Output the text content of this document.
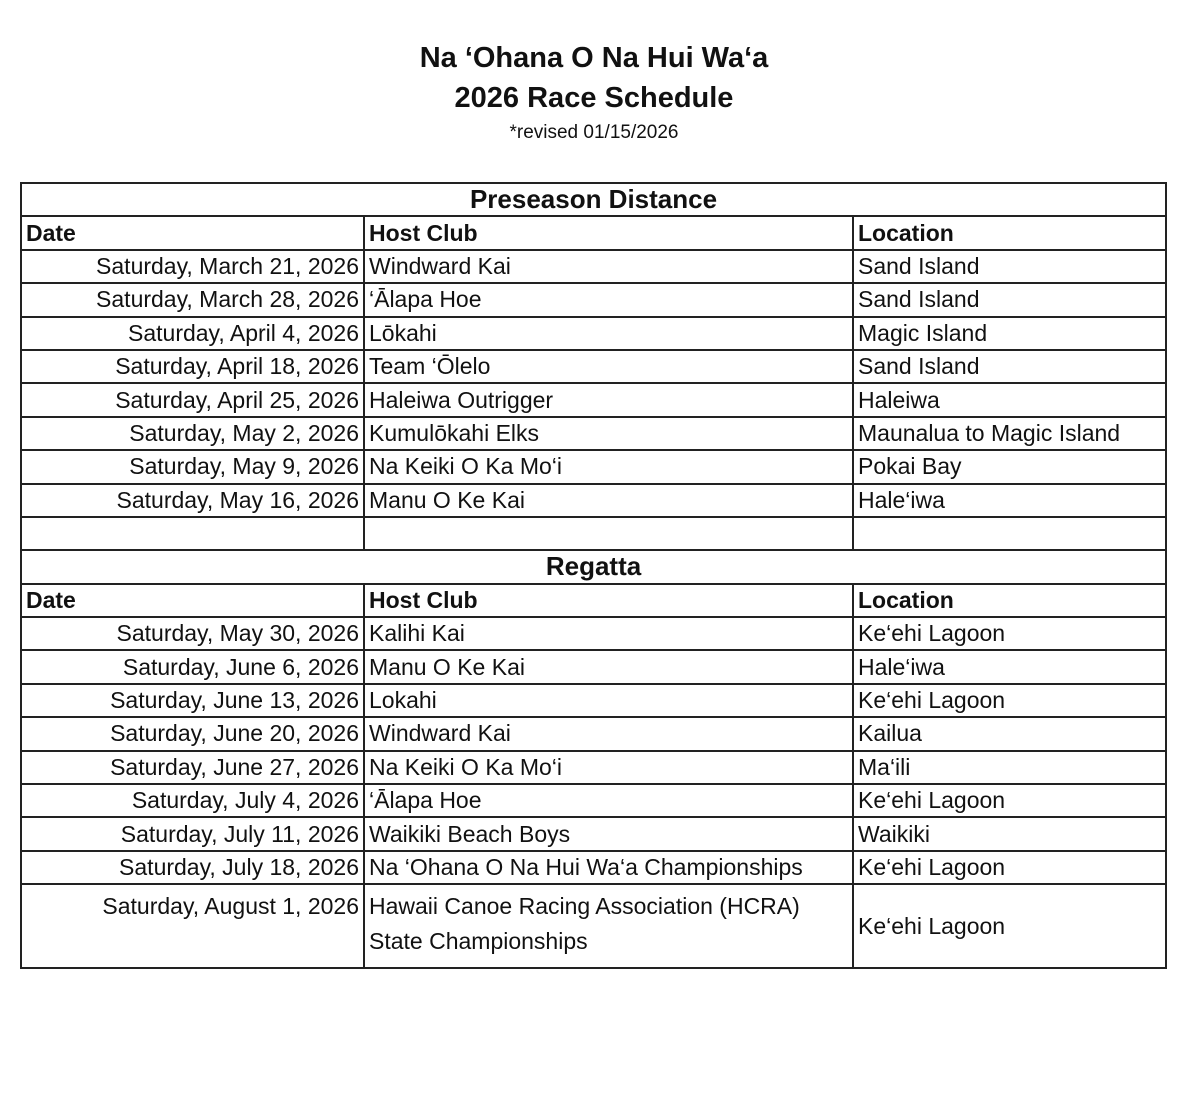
Na ‘Ohana O Na Hui Wa‘a
2026 Race Schedule
*revised 01/15/2026
Preseason Distance		
Date	Host Club	Location
Saturday, March 21, 2026	Windward Kai	Sand Island
Saturday, March 28, 2026	‘Ālapa Hoe	Sand Island
Saturday, April 4, 2026	Lōkahi	Magic Island
Saturday, April 18, 2026	Team ‘Ōlelo	Sand Island
Saturday, April 25, 2026	Haleiwa Outrigger	Haleiwa
Saturday, May 2, 2026	Kumulōkahi Elks	Maunalua to Magic Island
Saturday, May 9, 2026	Na Keiki O Ka Mo‘i	Pokai Bay
Saturday, May 16, 2026	Manu O Ke Kai	Hale‘iwa

Regatta		
Date	Host Club	Location
Saturday, May 30, 2026	Kalihi Kai	Ke‘ehi Lagoon
Saturday, June 6, 2026	Manu O Ke Kai	Hale‘iwa
Saturday, June 13, 2026	Lokahi	Ke‘ehi Lagoon
Saturday, June 20, 2026	Windward Kai	Kailua
Saturday, June 27, 2026	Na Keiki O Ka Mo‘i	Ma‘ili
Saturday, July 4, 2026	‘Ālapa Hoe	Ke‘ehi Lagoon
Saturday, July 11, 2026	Waikiki Beach Boys	Waikiki
Saturday, July 18, 2026	Na ‘Ohana O Na Hui Wa‘a Championships	Ke‘ehi Lagoon
Saturday, August 1, 2026	Hawaii Canoe Racing Association (HCRA) State Championships	Ke‘ehi Lagoon
